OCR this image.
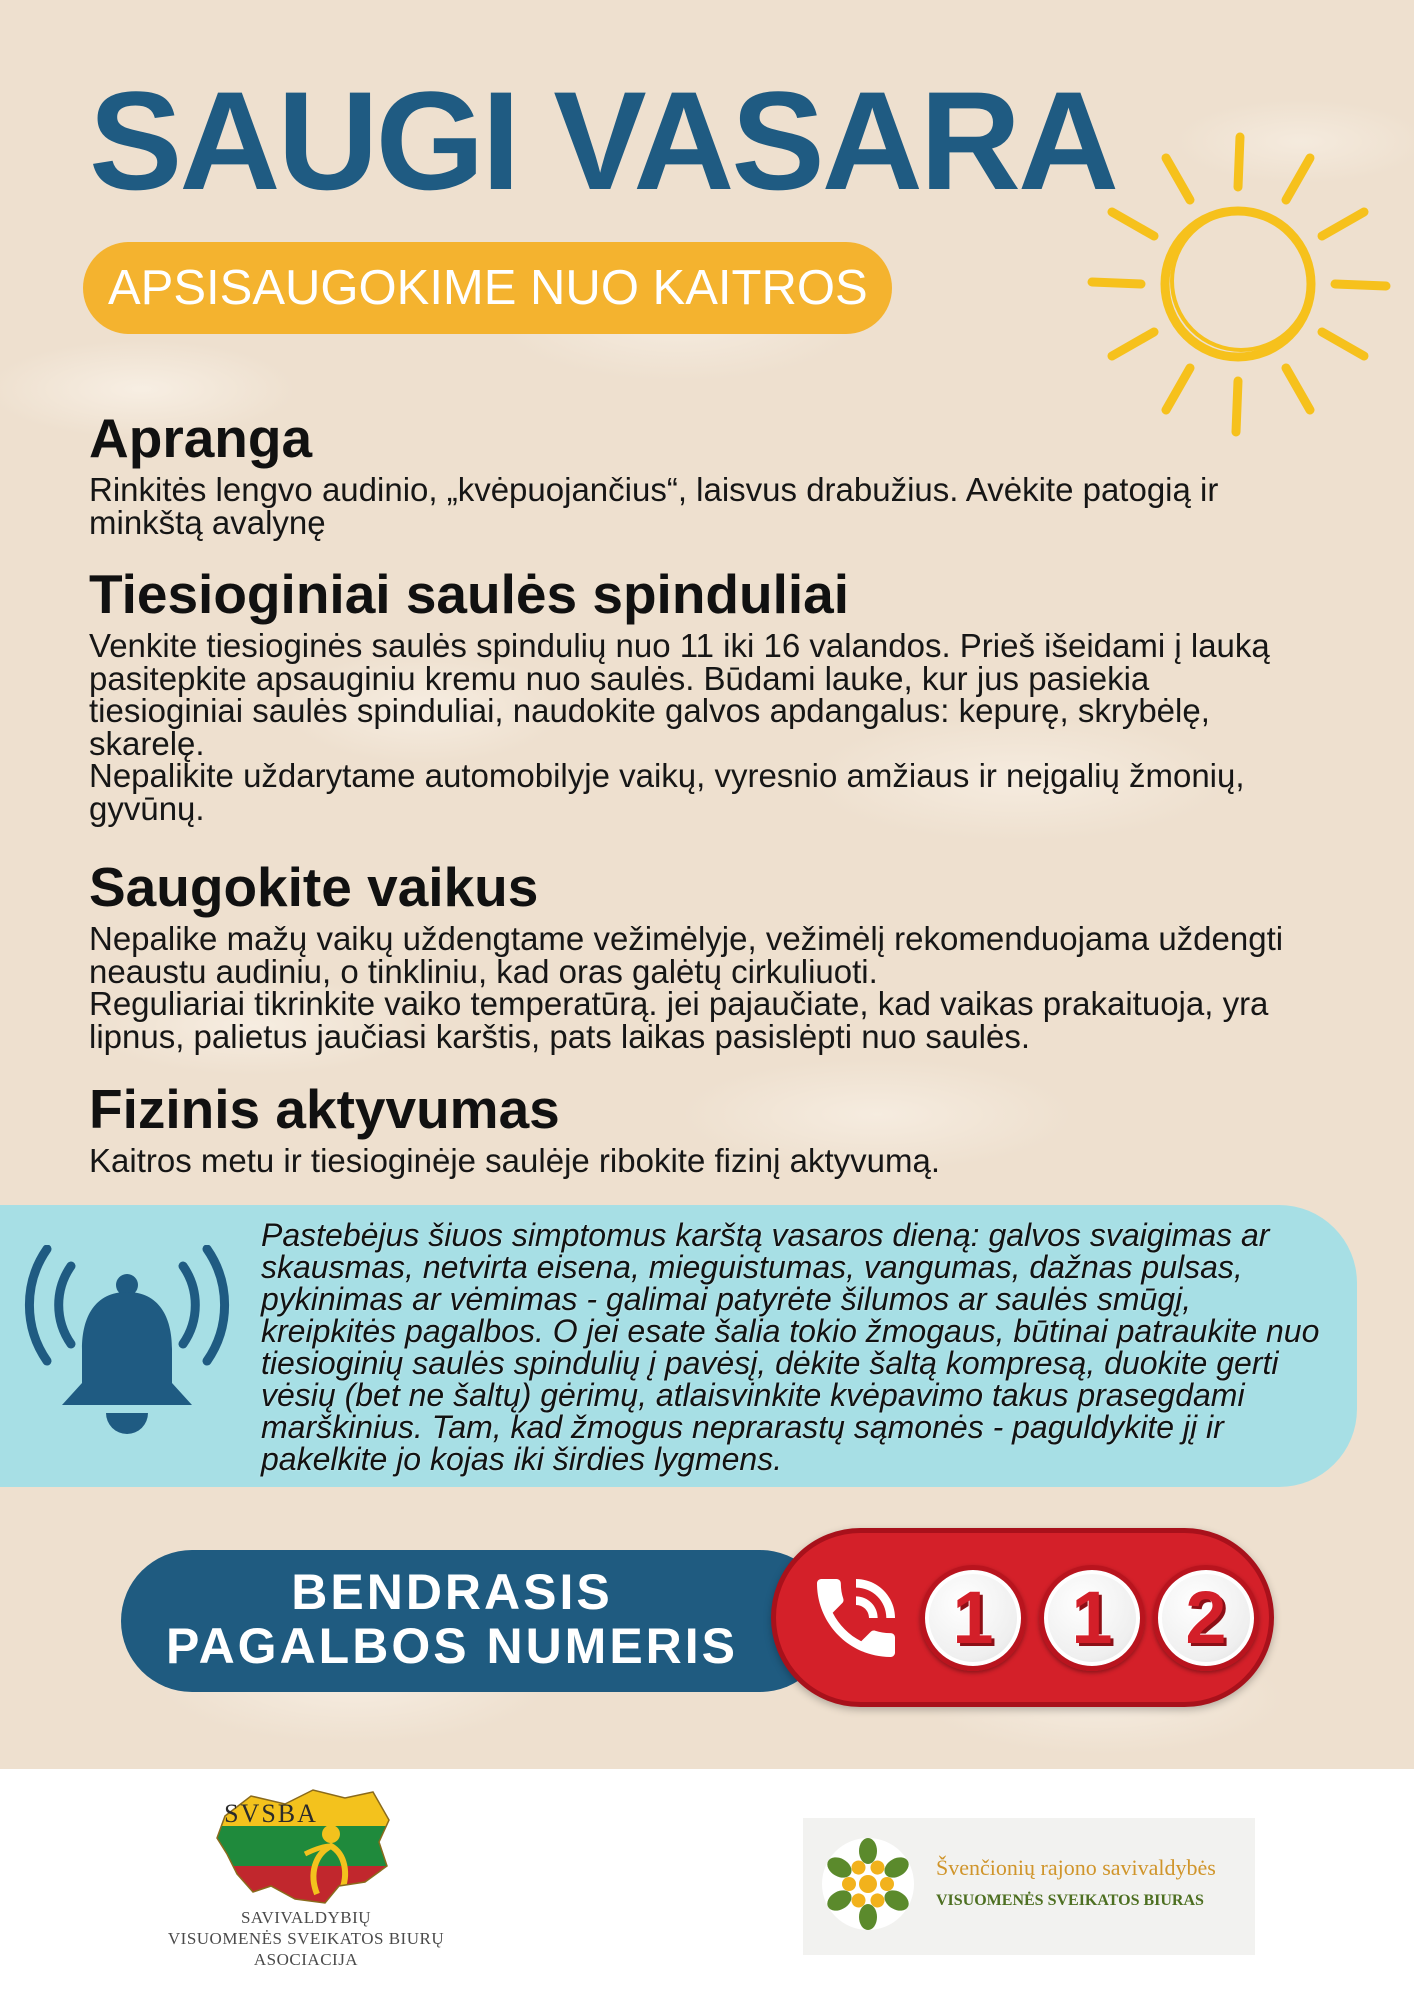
SAUGI VASARA
APSISAUGOKIME NUO KAITROS
Apranga
Rinkitės lengvo audinio, „kvėpuojančius“, laisvus drabužius. Avėkite patogią ir
minkštą avalynę
Tiesioginiai saulės spinduliai
Venkite tiesioginės saulės spindulių nuo 11 iki 16 valandos. Prieš išeidami į lauką
pasitepkite apsauginiu kremu nuo saulės. Būdami lauke, kur jus pasiekia
tiesioginiai saulės spinduliai, naudokite galvos apdangalus: kepurę, skrybėlę,
skarelę.
Nepalikite uždarytame automobilyje vaikų, vyresnio amžiaus ir neįgalių žmonių,
gyvūnų.
Saugokite vaikus
Nepalike mažų vaikų uždengtame vežimėlyje, vežimėlį rekomenduojama uždengti
neaustu audiniu, o tinkliniu, kad oras galėtų cirkuliuoti.
Reguliariai tikrinkite vaiko temperatūrą. jei pajaučiate, kad vaikas prakaituoja, yra
lipnus, palietus jaučiasi karštis, pats laikas pasislėpti nuo saulės.
Fizinis aktyvumas
Kaitros metu ir tiesioginėje saulėje ribokite fizinį aktyvumą.
Pastebėjus šiuos simptomus karštą vasaros dieną: galvos svaigimas ar
skausmas, netvirta eisena, mieguistumas, vangumas, dažnas pulsas,
pykinimas ar vėmimas - galimai patyrėte šilumos ar saulės smūgį,
kreipkitės pagalbos. O jei esate šalia tokio žmogaus, būtinai patraukite nuo
tiesioginių saulės spindulių į pavėsį, dėkite šaltą kompresą, duokite gerti
vėsių (bet ne šaltų) gėrimų, atlaisvinkite kvėpavimo takus prasegdami
marškinius. Tam, kad žmogus neprarastų sąmonės - paguldykite jį ir
pakelkite jo kojas iki širdies lygmens.
BENDRASIS
PAGALBOS NUMERIS	1	1 2
SVSBA
SAVIVALDYBIŲ
VISUOMENĖS SVEIKATOS BIURŲ
ASOCIACIJA
Švenčionių rajono savivaldybės
VISUOMENĖS SVEIKATOS BIURAS
